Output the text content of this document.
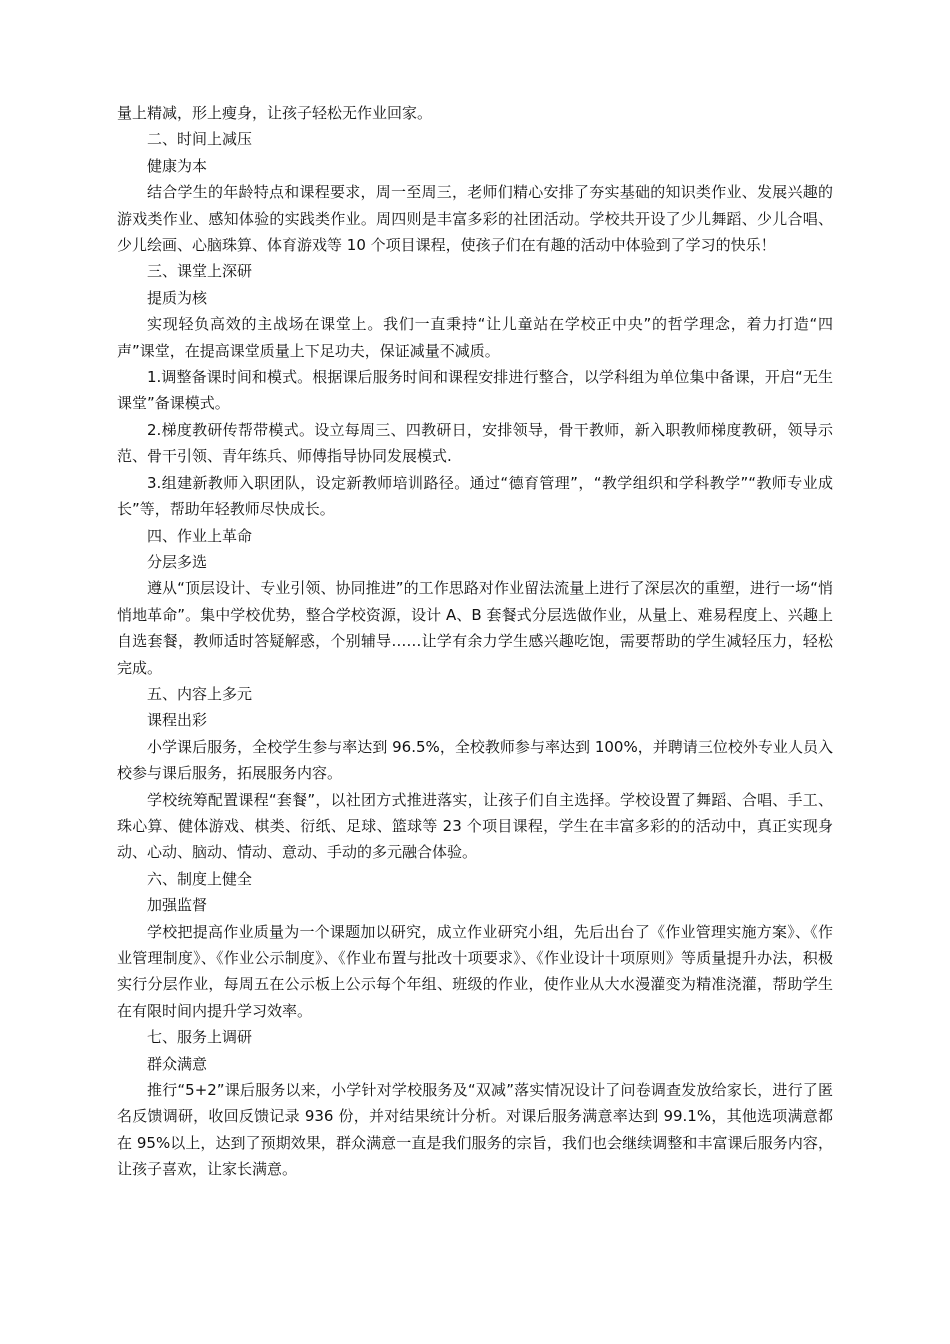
量上精减，形上瘦身，让孩子轻松无作业回家。

二、时间上减压

健康为本

结合学生的年龄特点和课程要求，周一至周三，老师们精心安排了夯实基础的知识类作业、发展兴趣的游戏类作业、感知体验的实践类作业。周四则是丰富多彩的社团活动。学校共开设了少儿舞蹈、少儿合唱、少儿绘画、心脑珠算、体育游戏等 10 个项目课程，使孩子们在有趣的活动中体验到了学习的快乐！

三、课堂上深研

提质为核

实现轻负高效的主战场在课堂上。我们一直秉持“让儿童站在学校正中央”的哲学理念，着力打造“四声”课堂，在提高课堂质量上下足功夫，保证减量不减质。

1.调整备课时间和模式。根据课后服务时间和课程安排进行整合，以学科组为单位集中备课，开启“无生课堂”备课模式。

2.梯度教研传帮带模式。设立每周三、四教研日，安排领导，骨干教师，新入职教师梯度教研，领导示范、骨干引领、青年练兵、师傅指导协同发展模式.

3.组建新教师入职团队，设定新教师培训路径。通过“德育管理”，“教学组织和学科教学”“教师专业成长”等，帮助年轻教师尽快成长。

四、作业上革命

分层多选

遵从“顶层设计、专业引领、协同推进”的工作思路对作业留法流量上进行了深层次的重塑，进行一场“悄悄地革命”。集中学校优势，整合学校资源，设计 A、B 套餐式分层选做作业，从量上、难易程度上、兴趣上自选套餐，教师适时答疑解惑，个别辅导……让学有余力学生感兴趣吃饱，需要帮助的学生减轻压力，轻松完成。

五、内容上多元

课程出彩

小学课后服务，全校学生参与率达到 96.5%，全校教师参与率达到 100%，并聘请三位校外专业人员入校参与课后服务，拓展服务内容。

学校统筹配置课程“套餐”，以社团方式推进落实，让孩子们自主选择。学校设置了舞蹈、合唱、手工、珠心算、健体游戏、棋类、衍纸、足球、篮球等 23 个项目课程，学生在丰富多彩的的活动中，真正实现身动、心动、脑动、情动、意动、手动的多元融合体验。

六、制度上健全

加强监督

学校把提高作业质量为一个课题加以研究，成立作业研究小组，先后出台了《作业管理实施方案》、《作业管理制度》、《作业公示制度》、《作业布置与批改十项要求》、《作业设计十项原则》等质量提升办法，积极实行分层作业，每周五在公示板上公示每个年组、班级的作业，使作业从大水漫灌变为精准浇灌，帮助学生在有限时间内提升学习效率。

七、服务上调研

群众满意

推行“5+2”课后服务以来，小学针对学校服务及“双减”落实情况设计了问卷调查发放给家长，进行了匿名反馈调研，收回反馈记录 936 份，并对结果统计分析。对课后服务满意率达到 99.1%，其他选项满意都在 95%以上，达到了预期效果，群众满意一直是我们服务的宗旨，我们也会继续调整和丰富课后服务内容，让孩子喜欢，让家长满意。
